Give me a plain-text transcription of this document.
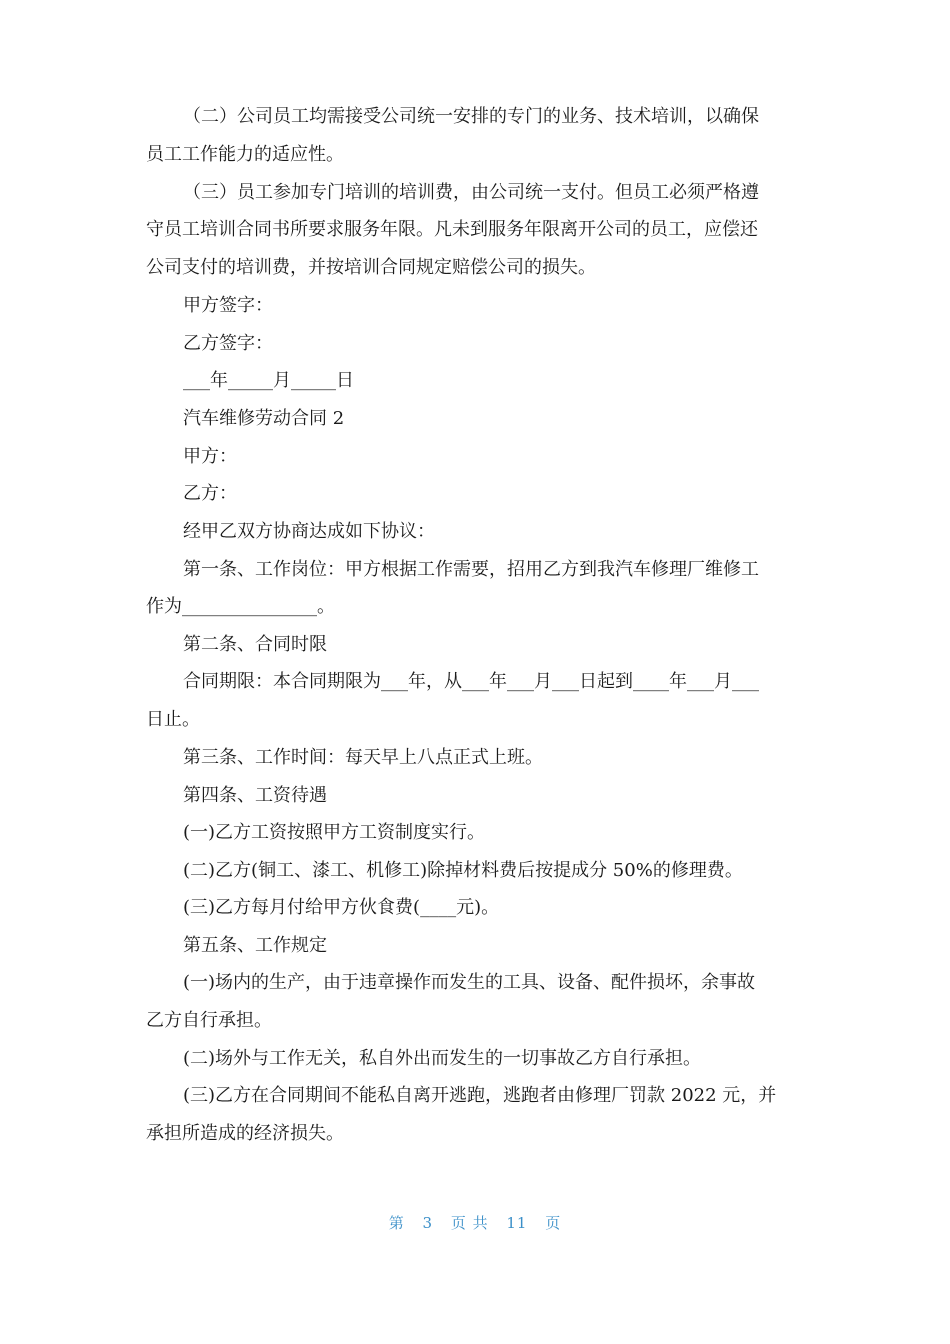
（二）公司员工均需接受公司统一安排的专门的业务、技术培训，以确保
员工工作能力的适应性。
（三）员工参加专门培训的培训费，由公司统一支付。但员工必须严格遵
守员工培训合同书所要求服务年限。凡未到服务年限离开公司的员工，应偿还
公司支付的培训费，并按培训合同规定赔偿公司的损失。
甲方签字：
乙方签字：
___年_____月_____日
汽车维修劳动合同 2
甲方：
乙方：
经甲乙双方协商达成如下协议：
第一条、工作岗位：甲方根据工作需要，招用乙方到我汽车修理厂维修工
作为_______________。
第二条、合同时限
合同期限：本合同期限为___年，从___年___月___日起到____年___月___
日止。
第三条、工作时间：每天早上八点正式上班。
第四条、工资待遇
(一)乙方工资按照甲方工资制度实行。
(二)乙方(铜工、漆工、机修工)除掉材料费后按提成分 50%的修理费。
(三)乙方每月付给甲方伙食费(____元)。
第五条、工作规定
(一)场内的生产，由于违章操作而发生的工具、设备、配件损坏，余事故
乙方自行承担。
(二)场外与工作无关，私自外出而发生的一切事故乙方自行承担。
(三)乙方在合同期间不能私自离开逃跑，逃跑者由修理厂罚款 2022 元，并
承担所造成的经济损失。
第 3 页 共 11 页
